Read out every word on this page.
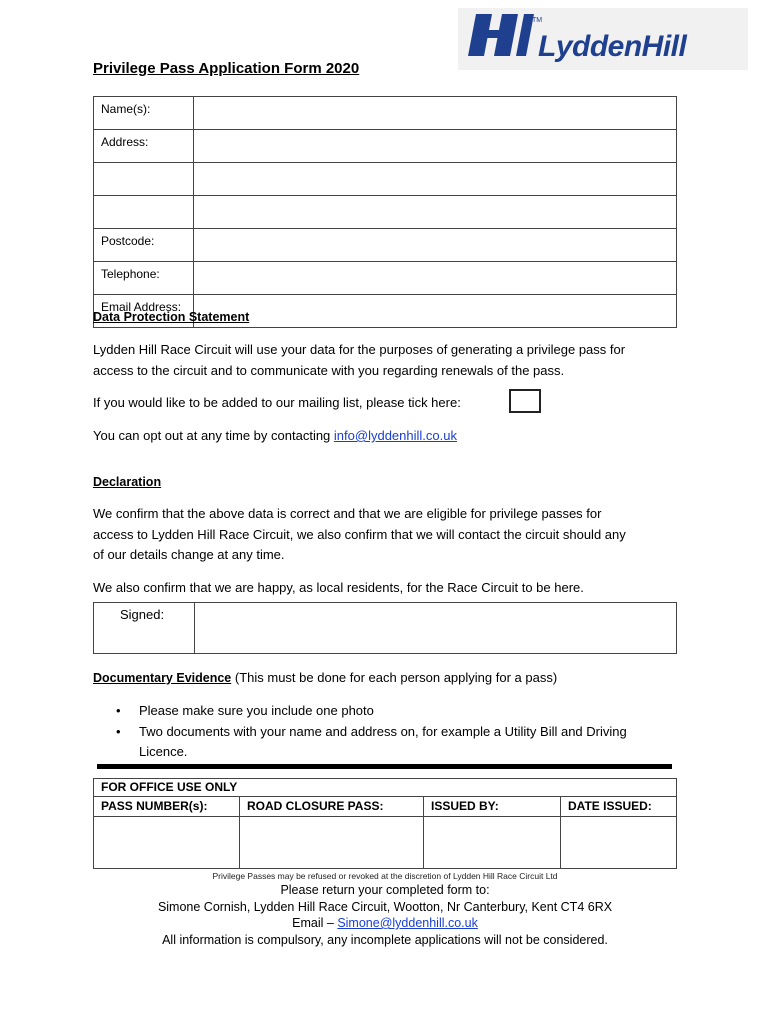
TM
LyddenHill
Privilege Pass Application Form 2020
Name(s):	
Address:	

Postcode:	
Telephone:	
Email Address:	
Data Protection Statement
Lydden Hill Race Circuit will use your data for the purposes of generating a privilege pass for
access to the circuit and to communicate with you regarding renewals of the pass.
If you would like to be added to our mailing list, please tick here:
You can opt out at any time by contacting info@lyddenhill.co.uk
Declaration
We confirm that the above data is correct and that we are eligible for privilege passes for
access to Lydden Hill Race Circuit, we also confirm that we will contact the circuit should any
of our details change at any time.
We also confirm that we are happy, as local residents, for the Race Circuit to be here.
Signed:
Documentary Evidence (This must be done for each person applying for a pass)
• Please make sure you include one photo
• Two documents with your name and address on, for example a Utility Bill and Driving
Licence.
FOR OFFICE USE ONLY
PASS NUMBER(s):	ROAD CLOSURE PASS:	ISSUED BY:	DATE ISSUED:
Privilege Passes may be refused or revoked at the discretion of Lydden Hill Race Circuit Ltd
Please return your completed form to:
Simone Cornish, Lydden Hill Race Circuit, Wootton, Nr Canterbury, Kent CT4 6RX
Email – Simone@lyddenhill.co.uk
All information is compulsory, any incomplete applications will not be considered.
